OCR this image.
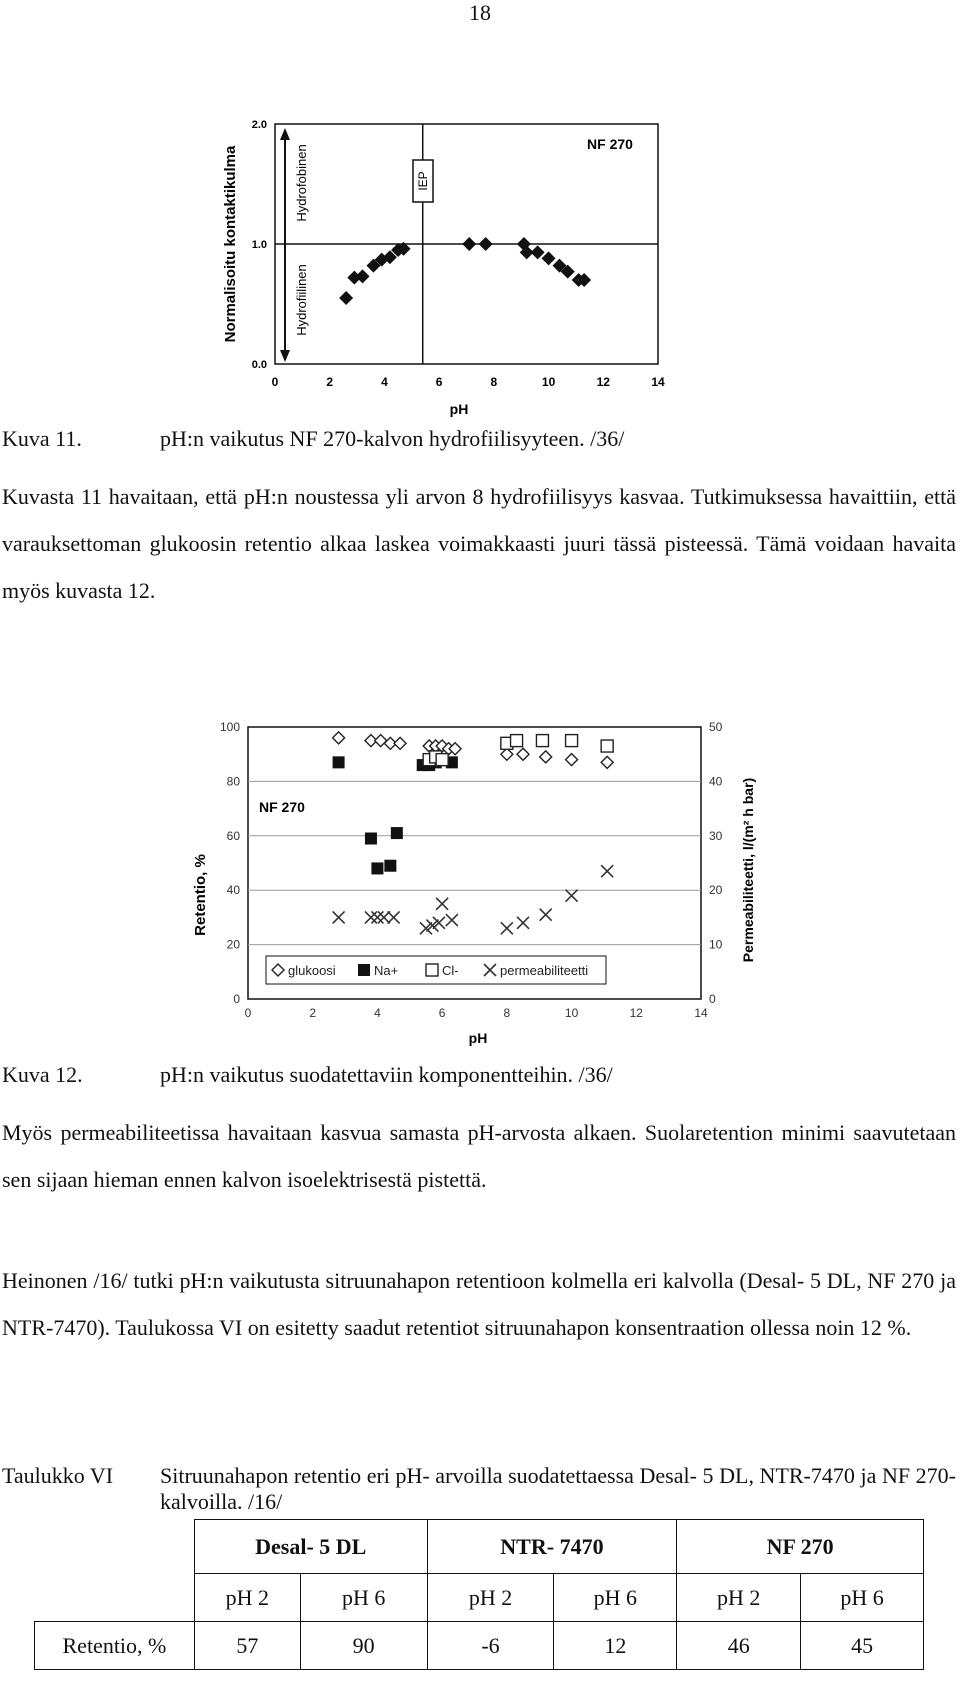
18
Normalisoitu kontaktikulma
pH
NF 270
Hydrofobinen
Hydrofiilinen
0	2	4	6	8	10	12	14
0.0
1.0
2.0
IEP
Kuva 11.	pH:n vaikutus NF 270-kalvon hydrofiilisyyteen. /36/

Kuvasta 11 havaitaan, että pH:n noustessa yli arvon 8 hydrofiilisyys kasvaa. Tutkimuksessa havaittiin, että varauksettoman glukoosin retentio alkaa laskea voimakkaasti juuri tässä pisteessä. Tämä voidaan havaita myös kuvasta 12.

Retentio, %	Permeabiliteetti, l/(m² h bar)
pH
NF 270
0
20
40
60
80
100
0
10
20
30
40
50
0	2	4	6	8	10	12	14
glukoosi	Na+	Cl-	permeabiliteetti
Kuva 12.	pH:n vaikutus suodatettaviin komponentteihin. /36/

Myös permeabiliteetissa havaitaan kasvua samasta pH-arvosta alkaen. Suolaretention minimi saavutetaan sen sijaan hieman ennen kalvon isoelektrisestä pistettä.

Heinonen /16/ tutki pH:n vaikutusta sitruunahapon retentioon kolmella eri kalvolla (Desal- 5 DL, NF 270 ja NTR-7470). Taulukossa VI on esitetty saadut retentiot sitruunahapon konsentraation ollessa noin 12 %.

Taulukko VI Sitruunahapon retentio eri pH- arvoilla suodatettaessa Desal- 5 DL, NTR-7470 ja NF 270-kalvoilla. /16/
	Desal- 5 DL		NTR- 7470		NF 270	
	pH 2	pH 6	pH 2	pH 6	pH 2	pH 6
Retentio, %	57	90	-6	12	46	45
